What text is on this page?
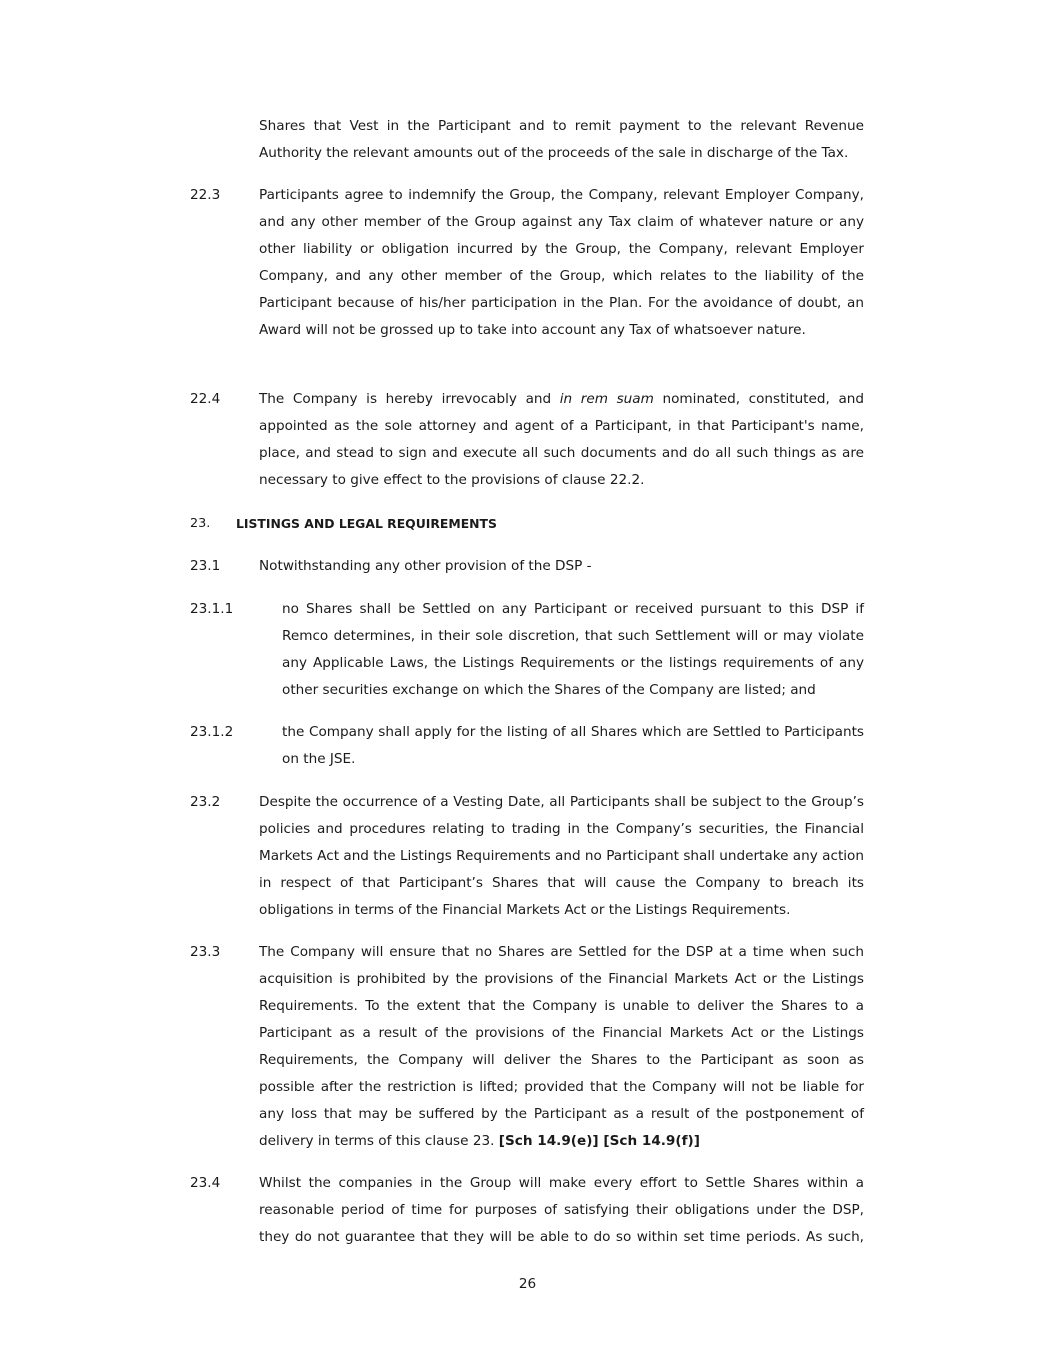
Shares that Vest in the Participant and to remit payment to the relevant Revenue Authority the relevant amounts out of the proceeds of the sale in discharge of the Tax.
22.3	Participants agree to indemnify the Group, the Company, relevant Employer Company, and any other member of the Group against any Tax claim of whatever nature or any other liability or obligation incurred by the Group, the Company, relevant Employer Company, and any other member of the Group, which relates to the liability of the Participant because of his/her participation in the Plan. For the avoidance of doubt, an Award will not be grossed up to take into account any Tax of whatsoever nature.
22.4	The Company is hereby irrevocably and in rem suam nominated, constituted, and appointed as the sole attorney and agent of a Participant, in that Participant's name, place, and stead to sign and execute all such documents and do all such things as are necessary to give effect to the provisions of clause 22.2.
23. LISTINGS AND LEGAL REQUIREMENTS
23.1	Notwithstanding any other provision of the DSP -
23.1.1	no Shares shall be Settled on any Participant or received pursuant to this DSP if Remco determines, in their sole discretion, that such Settlement will or may violate any Applicable Laws, the Listings Requirements or the listings requirements of any other securities exchange on which the Shares of the Company are listed; and
23.1.2	the Company shall apply for the listing of all Shares which are Settled to Participants on the JSE.
23.2	Despite the occurrence of a Vesting Date, all Participants shall be subject to the Group’s policies and procedures relating to trading in the Company’s securities, the Financial Markets Act and the Listings Requirements and no Participant shall undertake any action in respect of that Participant’s Shares that will cause the Company to breach its obligations in terms of the Financial Markets Act or the Listings Requirements.
23.3	The Company will ensure that no Shares are Settled for the DSP at a time when such acquisition is prohibited by the provisions of the Financial Markets Act or the Listings Requirements. To the extent that the Company is unable to deliver the Shares to a Participant as a result of the provisions of the Financial Markets Act or the Listings Requirements, the Company will deliver the Shares to the Participant as soon as possible after the restriction is lifted; provided that the Company will not be liable for any loss that may be suffered by the Participant as a result of the postponement of delivery in terms of this clause 23. [Sch 14.9(e)] [Sch 14.9(f)]
23.4	Whilst the companies in the Group will make every effort to Settle Shares within a reasonable period of time for purposes of satisfying their obligations under the DSP, they do not guarantee that they will be able to do so within set time periods. As such,
26
